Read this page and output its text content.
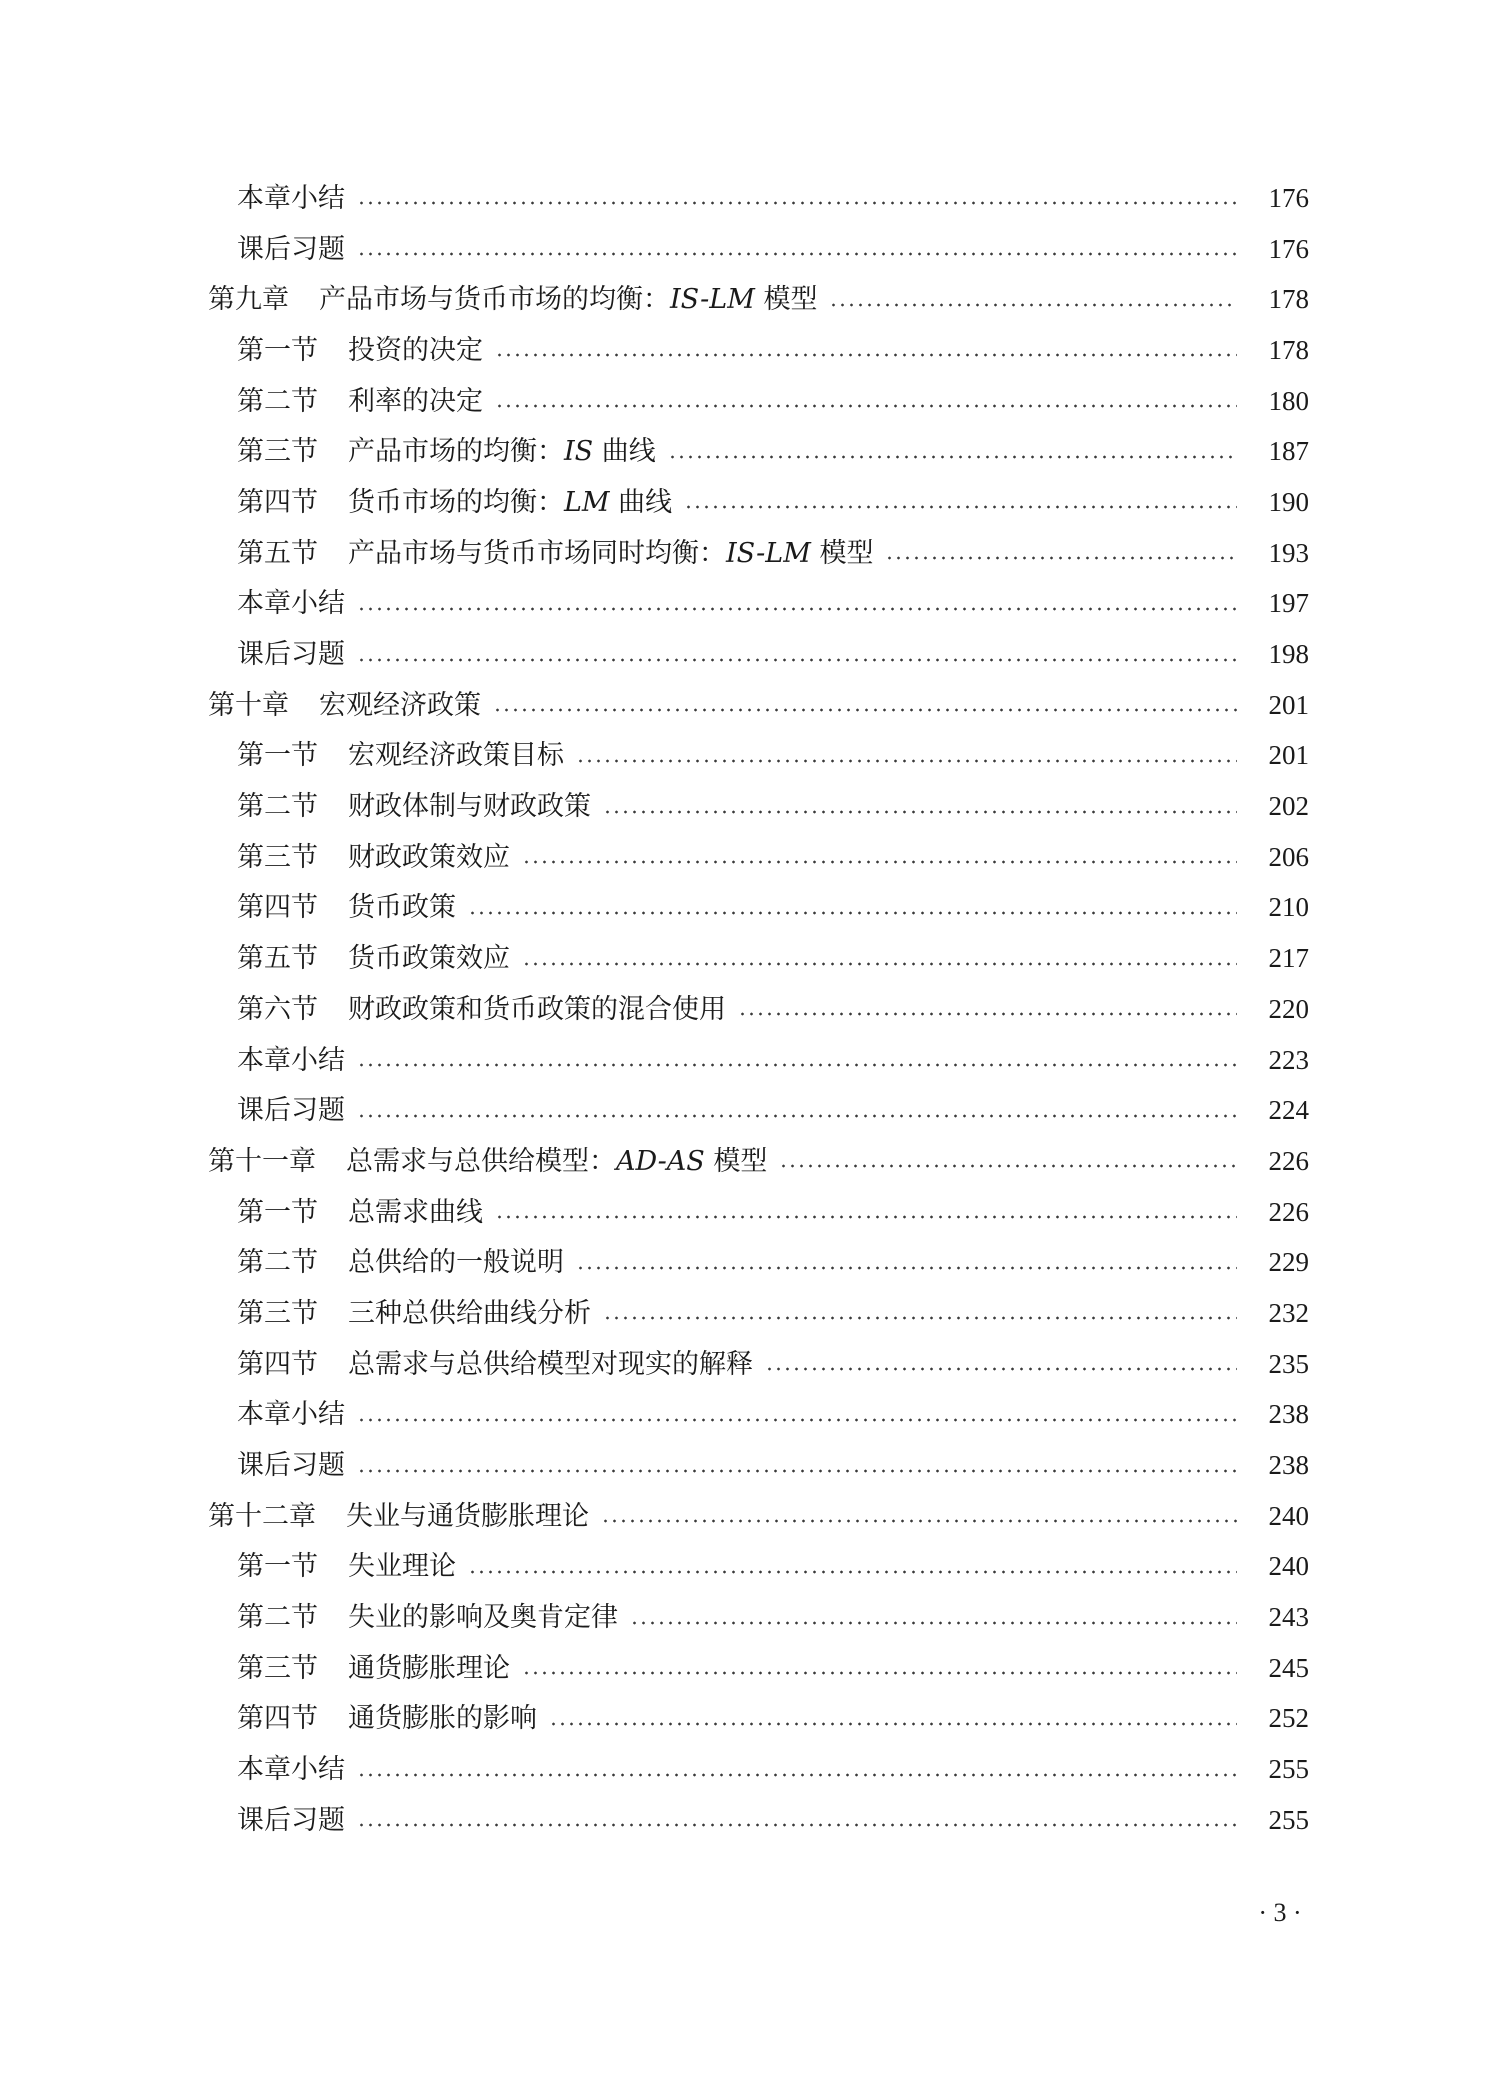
本章小结	176
课后习题	176
第九章 产品市场与货币市场的均衡：IS-LM 模型	178
第一节 投资的决定	178
第二节 利率的决定	180
第三节 产品市场的均衡：IS 曲线	187
第四节 货币市场的均衡：LM 曲线	190
第五节 产品市场与货币市场同时均衡：IS-LM 模型	193
本章小结	197
课后习题	198
第十章 宏观经济政策	201
第一节 宏观经济政策目标	201
第二节 财政体制与财政政策	202
第三节 财政政策效应	206
第四节 货币政策	210
第五节 货币政策效应	217
第六节 财政政策和货币政策的混合使用	220
本章小结	223
课后习题	224
第十一章 总需求与总供给模型：AD-AS 模型	226
第一节 总需求曲线	226
第二节 总供给的一般说明	229
第三节 三种总供给曲线分析	232
第四节 总需求与总供给模型对现实的解释	235
本章小结	238
课后习题	238
第十二章 失业与通货膨胀理论	240
第一节 失业理论	240
第二节 失业的影响及奥肯定律	243
第三节 通货膨胀理论	245
第四节 通货膨胀的影响	252
本章小结	255
课后习题	255
· 3 ·
